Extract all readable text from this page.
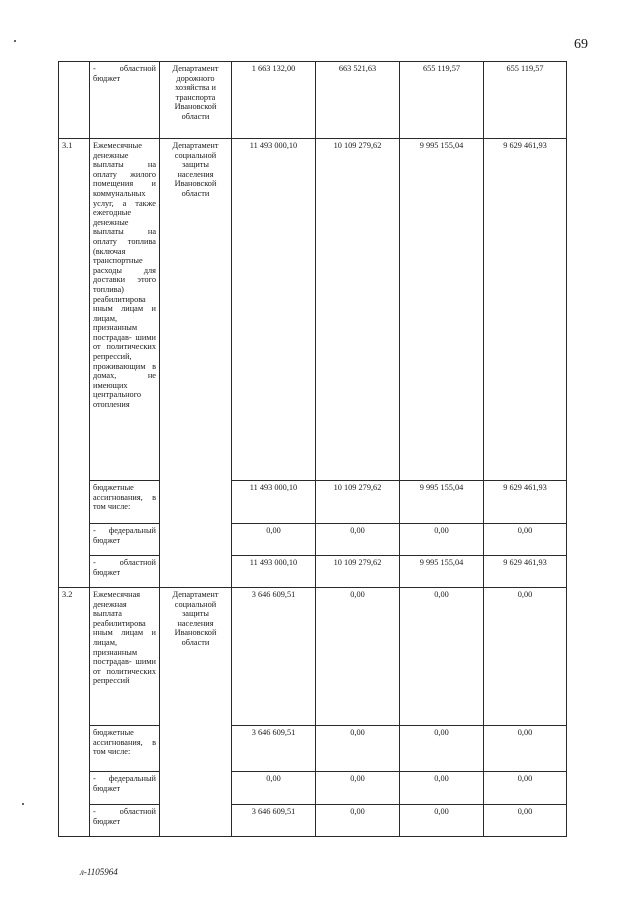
69

	- областной
бюджет	Департамент дорожного хозяйства и транспорта Ивановской области	1 663 132,00	663 521,63	655 119,57	655 119,57
3.1	Ежемесячные денежные выплаты на оплату жилого помещения и коммунальных услуг, а также ежегодные денежные выплаты на оплату топлива (включая транспортные расходы для доставки этого топлива) реабилитирова нным лицам и лицам, признанным пострадав- шими от политических репрессий, проживающим в домах, не имеющих центрального отопления	Департамент социальной защиты населения Ивановской области	11 493 000,10	10 109 279,62	9 995 155,04	9 629 461,93
	бюджетные ассигнования, в том числе:		11 493 000,10	10 109 279,62	9 995 155,04	9 629 461,93
	- федеральный бюджет		0,00	0,00	0,00	0,00

	- областной
бюджет		11 493 000,10	10 109 279,62	9 995 155,04	9 629 461,93
3.2	Ежемесячная денежная выплата реабилитирова нным лицам и лицам, признанным пострадав- шими от политических репрессий	Департамент социальной защиты населения Ивановской области	3 646 609,51	0,00	0,00	0,00
	бюджетные ассигнования, в том числе:		3 646 609,51	0,00	0,00	0,00
	- федеральный бюджет		0,00	0,00	0,00	0,00

	- областной
бюджет		3 646 609,51	0,00	0,00	0,00
л-1105964
